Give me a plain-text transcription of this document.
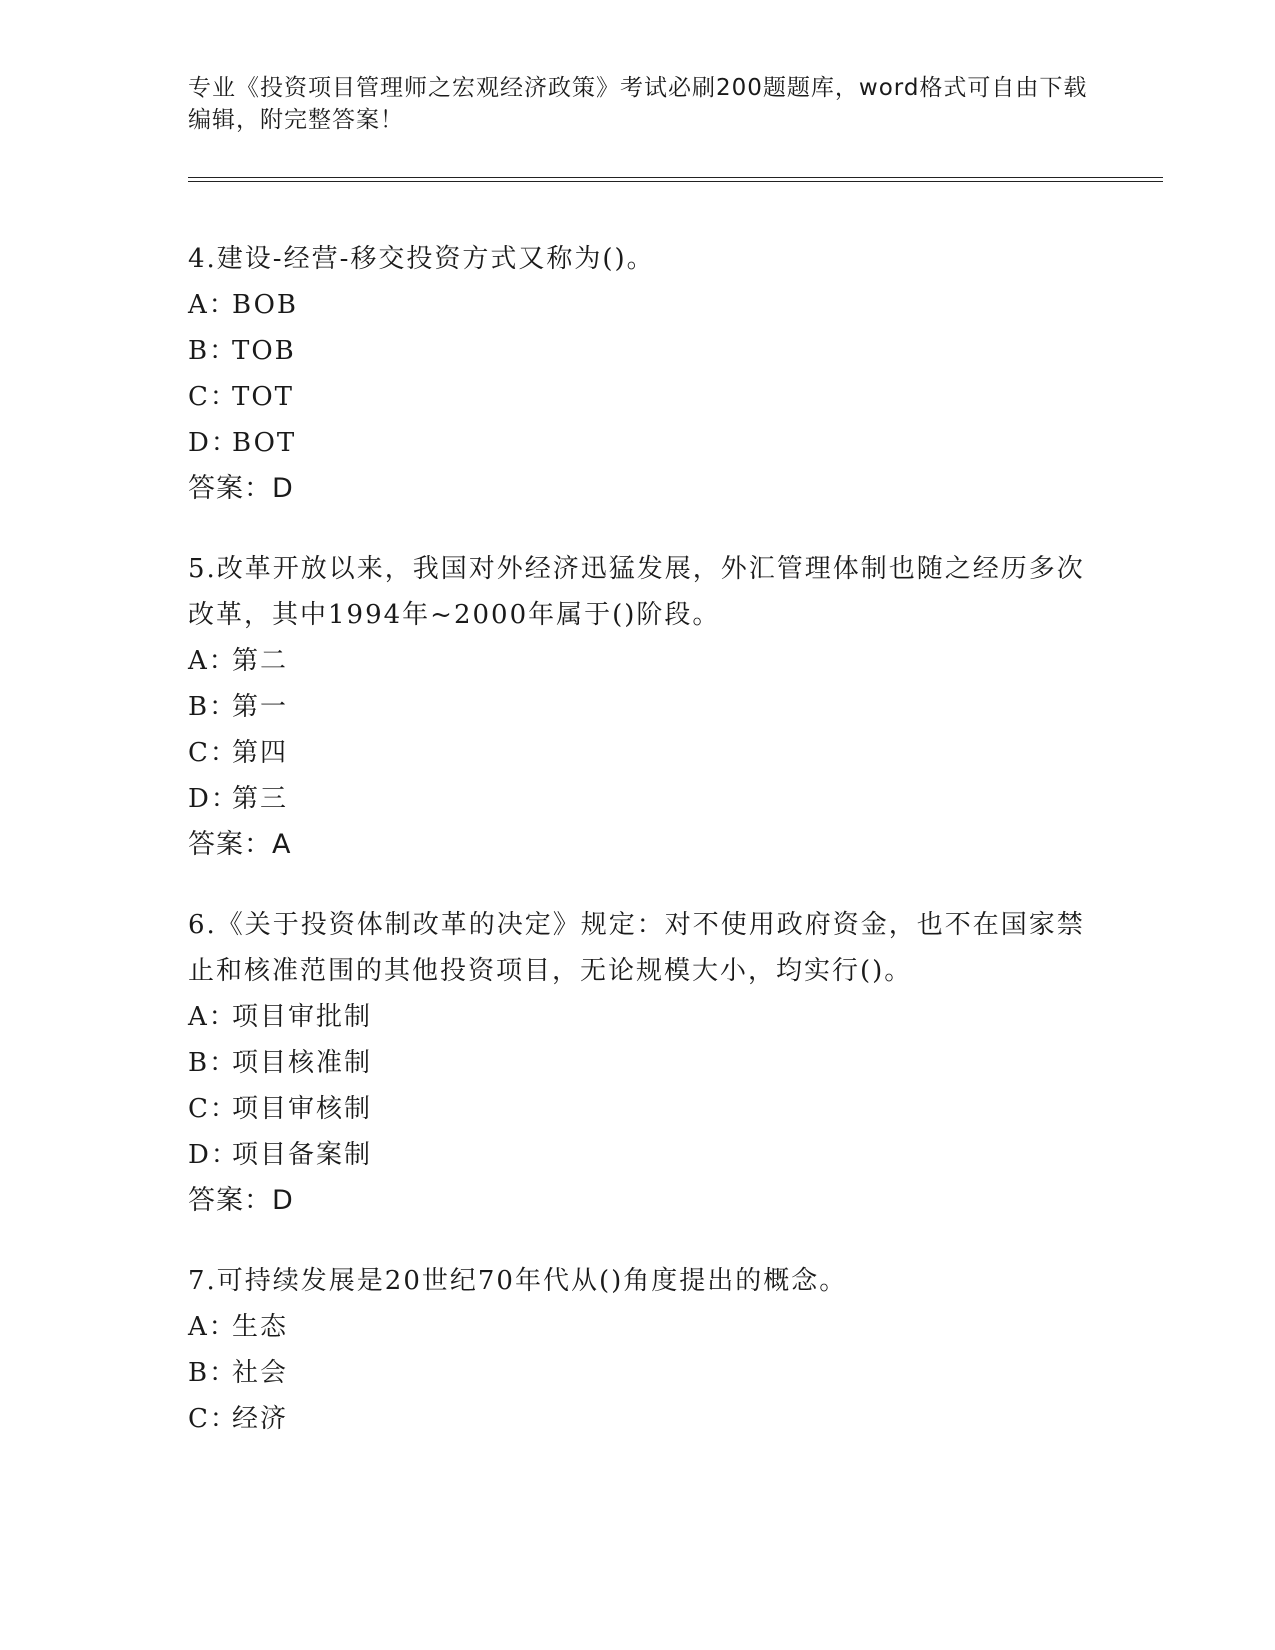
专业《投资项目管理师之宏观经济政策》考试必刷200题题库，word格式可自由下载编辑，附完整答案！

4.建设-经营-移交投资方式又称为()。

A：BOB

B：TOB

C：TOT

D：BOT

答案：D

5.改革开放以来，我国对外经济迅猛发展，外汇管理体制也随之经历多次改革，其中1994年~2000年属于()阶段。

A：第二

B：第一

C：第四

D：第三

答案：A

6.《关于投资体制改革的决定》规定：对不使用政府资金，也不在国家禁止和核准范围的其他投资项目，无论规模大小，均实行()。

A：项目审批制

B：项目核准制

C：项目审核制

D：项目备案制

答案：D

7.可持续发展是20世纪70年代从()角度提出的概念。

A：生态

B：社会

C：经济
